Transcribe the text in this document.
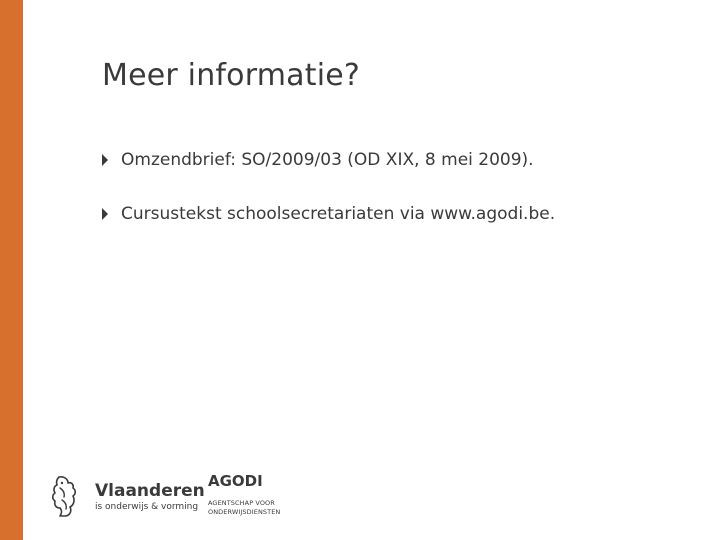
Meer informatie?
Omzendbrief: SO/2009/03 (OD XIX, 8 mei 2009).
Cursustekst schoolsecretariaten via www.agodi.be.
Vlaanderen
is onderwijs & vorming
AGODI
AGENTSCHAP VOOR
ONDERWIJSDIENSTEN
